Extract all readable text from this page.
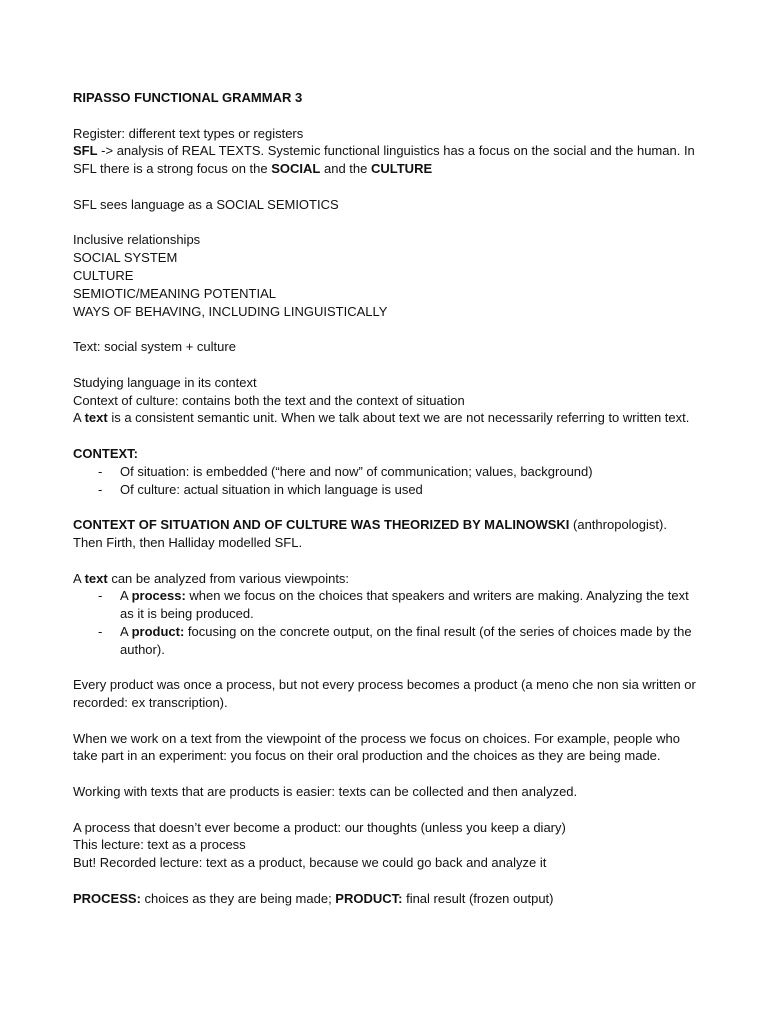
RIPASSO FUNCTIONAL GRAMMAR 3

Register: different text types or registers

SFL -> analysis of REAL TEXTS. Systemic functional linguistics has a focus on the social and the human. In SFL there is a strong focus on the SOCIAL and the CULTURE

SFL sees language as a SOCIAL SEMIOTICS

Inclusive relationships

SOCIAL SYSTEM

CULTURE

SEMIOTIC/MEANING POTENTIAL

WAYS OF BEHAVING, INCLUDING LINGUISTICALLY

Text: social system + culture

Studying language in its context

Context of culture: contains both the text and the context of situation

A text is a consistent semantic unit. When we talk about text we are not necessarily referring to written text.

CONTEXT:

- Of situation: is embedded (“here and now” of communication; values, background)
- Of culture: actual situation in which language is used

CONTEXT OF SITUATION AND OF CULTURE WAS THEORIZED BY MALINOWSKI (anthropologist). Then Firth, then Halliday modelled SFL.

A text can be analyzed from various viewpoints:

- A process: when we focus on the choices that speakers and writers are making. Analyzing the text as it is being produced.
- A product: focusing on the concrete output, on the final result (of the series of choices made by the author).

Every product was once a process, but not every process becomes a product (a meno che non sia written or recorded: ex transcription).

When we work on a text from the viewpoint of the process we focus on choices. For example, people who take part in an experiment: you focus on their oral production and the choices as they are being made.

Working with texts that are products is easier: texts can be collected and then analyzed.

A process that doesn’t ever become a product: our thoughts (unless you keep a diary)

This lecture: text as a process

But! Recorded lecture: text as a product, because we could go back and analyze it

PROCESS: choices as they are being made; PRODUCT: final result (frozen output)
